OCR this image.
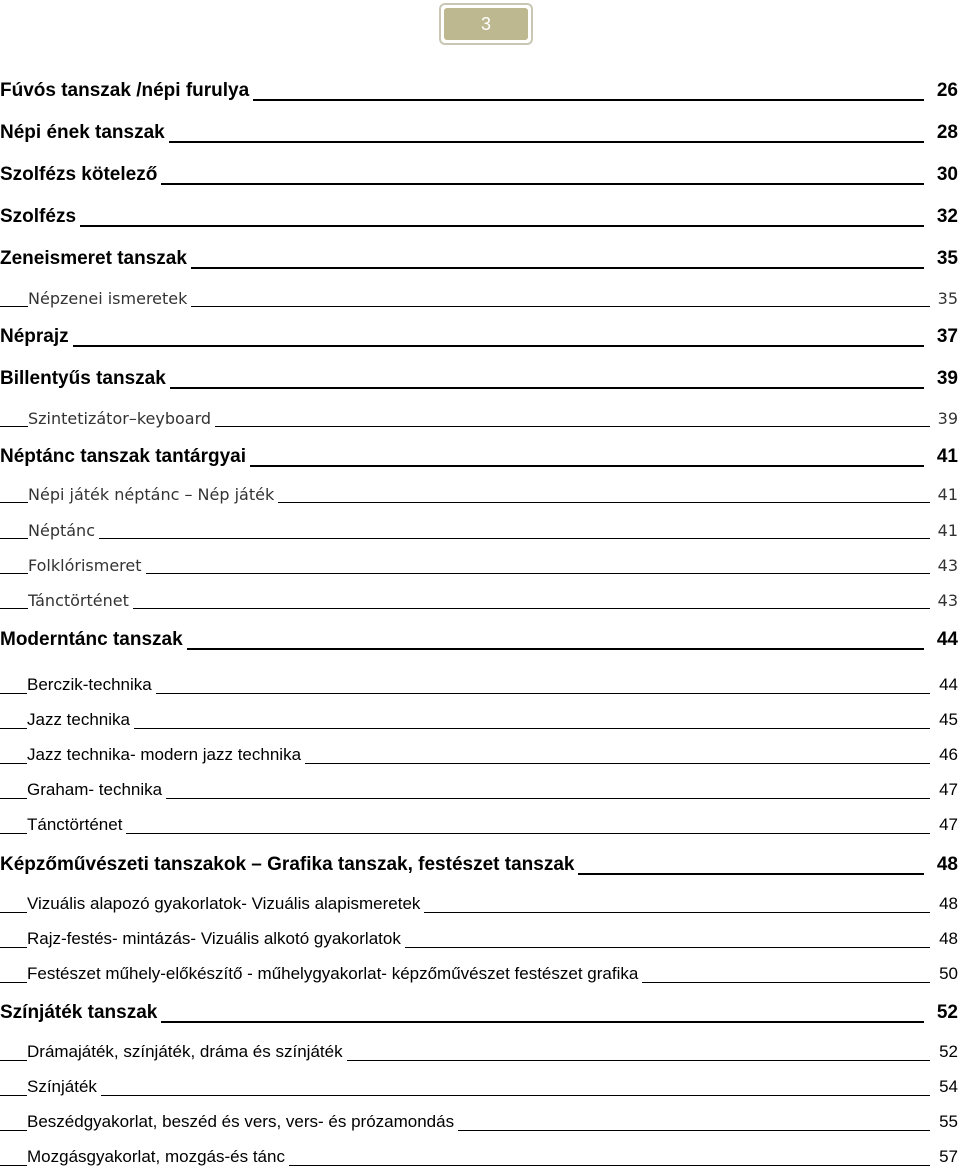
3
Fúvós tanszak /népi furulya	26
Népi ének tanszak	28
Szolfézs kötelező	30
Szolfézs	32
Zeneismeret tanszak	35
Népzenei ismeretek	35
Néprajz	37
Billentyűs tanszak	39
Szintetizátor–keyboard	39
Néptánc tanszak tantárgyai	41
Népi játék néptánc – Nép játék	41
Néptánc	41
Folklórismeret	43
Tánctörténet	43
Moderntánc tanszak	44
Berczik-technika	44
Jazz technika	45
Jazz technika- modern jazz technika	46
Graham- technika	47
Tánctörténet	47
Képzőművészeti tanszakok – Grafika tanszak, festészet tanszak	48
Vizuális alapozó gyakorlatok- Vizuális alapismeretek	48
Rajz-festés- mintázás- Vizuális alkotó gyakorlatok	48
Festészet műhely-előkészítő - műhelygyakorlat- képzőművészet festészet grafika	50
Színjáték tanszak	52
Drámajáték, színjáték, dráma és színjáték	52
Színjáték	54
Beszédgyakorlat, beszéd és vers, vers- és prózamondás	55
Mozgásgyakorlat, mozgás-és tánc	57
